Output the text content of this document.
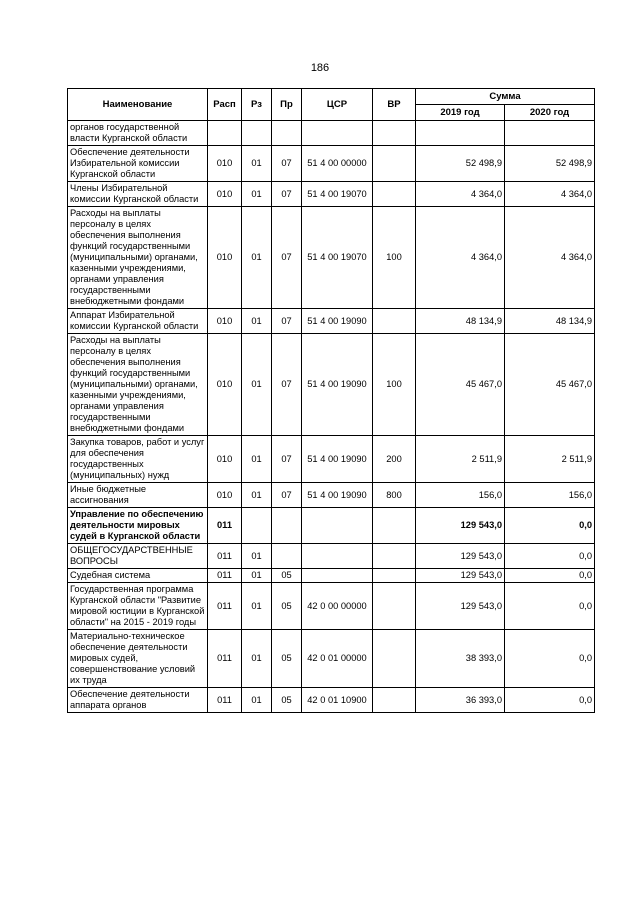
186
Наименование	Расп	Рз	Пр	ЦСР	ВР	Сумма	
						2019 год	2020 год
органов государственной власти Курганской области							
Обеспечение деятельности Избирательной комиссии Курганской области	010	01	07	51 4 00 00000		52 498,9	52 498,9
Члены Избирательной комиссии Курганской области	010	01	07	51 4 00 19070		4 364,0	4 364,0
Расходы на выплаты персоналу в целях обеспечения выполнения функций государственными (муниципальными) органами, казенными учреждениями, органами управления государственными внебюджетными фондами	010	01	07	51 4 00 19070	100	4 364,0	4 364,0
Аппарат Избирательной комиссии Курганской области	010	01	07	51 4 00 19090		48 134,9	48 134,9
Расходы на выплаты персоналу в целях обеспечения выполнения функций государственными (муниципальными) органами, казенными учреждениями, органами управления государственными внебюджетными фондами	010	01	07	51 4 00 19090	100	45 467,0	45 467,0
Закупка товаров, работ и услуг для обеспечения государственных (муниципальных) нужд	010	01	07	51 4 00 19090	200	2 511,9	2 511,9
Иные бюджетные ассигнования	010	01	07	51 4 00 19090	800	156,0	156,0
Управление по обеспечению деятельности мировых судей в Курганской области	011					129 543,0	0,0
ОБЩЕГОСУДАРСТВЕННЫЕ ВОПРОСЫ	011	01				129 543,0	0,0
Судебная система	011	01	05			129 543,0	0,0
Государственная программа Курганской области "Развитие мировой юстиции в Курганской области" на 2015 - 2019 годы	011	01	05	42 0 00 00000		129 543,0	0,0
Материально-техническое обеспечение деятельности мировых судей, совершенствование условий их труда	011	01	05	42 0 01 00000		38 393,0	0,0
Обеспечение деятельности аппарата органов	011	01	05	42 0 01 10900		36 393,0	0,0
